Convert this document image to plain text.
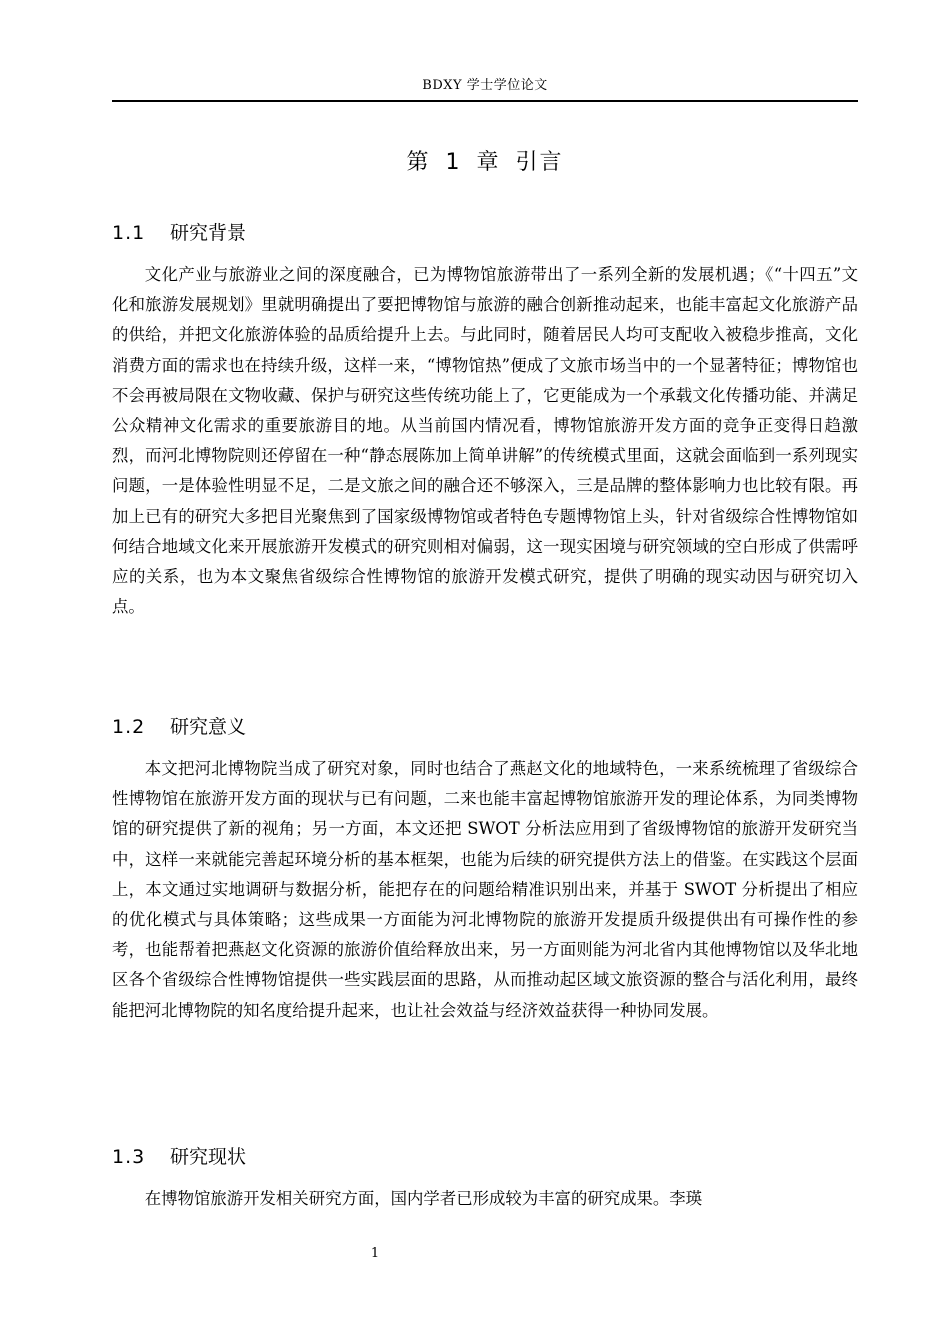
BDXY 学士学位论文
第 1 章 引言
1.1 研究背景

文化产业与旅游业之间的深度融合，已为博物馆旅游带出了一系列全新的发展机遇；《“十四五”文化和旅游发展规划》里就明确提出了要把博物馆与旅游的融合创新推动起来，也能丰富起文化旅游产品的供给，并把文化旅游体验的品质给提升上去。与此同时，随着居民人均可支配收入被稳步推高，文化消费方面的需求也在持续升级，这样一来，“博物馆热”便成了文旅市场当中的一个显著特征；博物馆也不会再被局限在文物收藏、保护与研究这些传统功能上了，它更能成为一个承载文化传播功能、并满足公众精神文化需求的重要旅游目的地。从当前国内情况看，博物馆旅游开发方面的竞争正变得日趋激烈，而河北博物院则还停留在一种“静态展陈加上简单讲解”的传统模式里面，这就会面临到一系列现实问题，一是体验性明显不足，二是文旅之间的融合还不够深入，三是品牌的整体影响力也比较有限。再加上已有的研究大多把目光聚焦到了国家级博物馆或者特色专题博物馆上头，针对省级综合性博物馆如何结合地域文化来开展旅游开发模式的研究则相对偏弱，这一现实困境与研究领域的空白形成了供需呼应的关系，也为本文聚焦省级综合性博物馆的旅游开发模式研究，提供了明确的现实动因与研究切入点。

1.2 研究意义

本文把河北博物院当成了研究对象，同时也结合了燕赵文化的地域特色，一来系统梳理了省级综合性博物馆在旅游开发方面的现状与已有问题，二来也能丰富起博物馆旅游开发的理论体系，为同类博物馆的研究提供了新的视角；另一方面，本文还把 SWOT 分析法应用到了省级博物馆的旅游开发研究当中，这样一来就能完善起环境分析的基本框架，也能为后续的研究提供方法上的借鉴。在实践这个层面上，本文通过实地调研与数据分析，能把存在的问题给精准识别出来，并基于 SWOT 分析提出了相应的优化模式与具体策略；这些成果一方面能为河北博物院的旅游开发提质升级提供出有可操作性的参考，也能帮着把燕赵文化资源的旅游价值给释放出来，另一方面则能为河北省内其他博物馆以及华北地区各个省级综合性博物馆提供一些实践层面的思路，从而推动起区域文旅资源的整合与活化利用，最终能把河北博物院的知名度给提升起来，也让社会效益与经济效益获得一种协同发展。

1.3 研究现状

在博物馆旅游开发相关研究方面，国内学者已形成较为丰富的研究成果。李瑛

1
